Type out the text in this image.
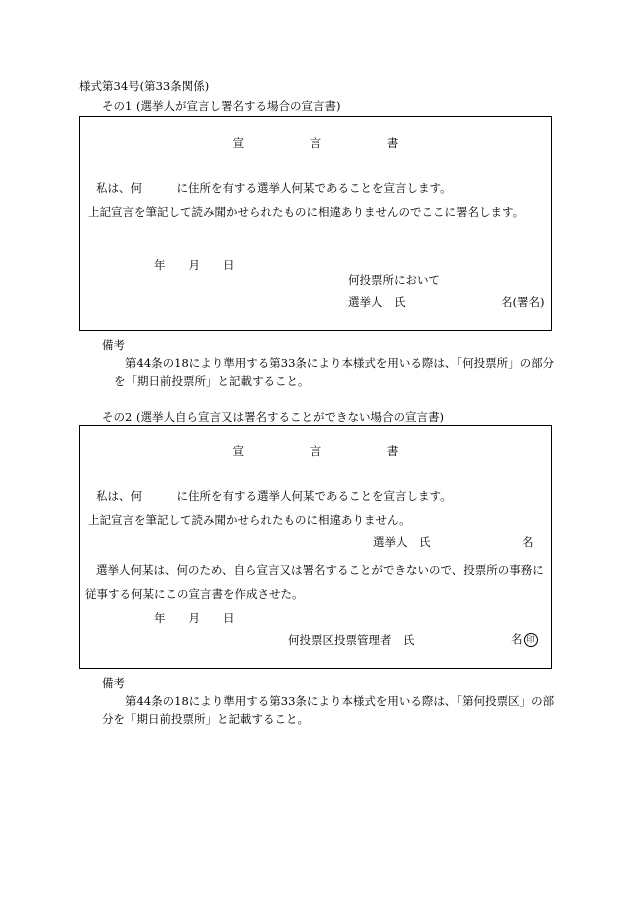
様式第34号(第33条関係)
その1 (選挙人が宣言し署名する場合の宣言書)
宣	言	書
私は、何　　　に住所を有する選挙人何某であることを宣言します。
上記宣言を筆記して読み聞かせられたものに相違ありませんのでここに署名します。
年　　月　　日
何投票所において
選挙人　氏	名(署名)
備考
第44条の18により準用する第33条により本様式を用いる際は、「何投票所」の部分
を「期日前投票所」と記載すること。
その2 (選挙人自ら宣言又は署名することができない場合の宣言書)
宣	言	書
私は、何　　　に住所を有する選挙人何某であることを宣言します。
上記宣言を筆記して読み聞かせられたものに相違ありません。
選挙人　氏	名
選挙人何某は、何のため、自ら宣言又は署名することができないので、投票所の事務に
従事する何某にこの宣言書を作成させた。
年　　月　　日
何投票区投票管理者　氏	名 印
備考
第44条の18により準用する第33条により本様式を用いる際は、「第何投票区」の部
分を「期日前投票所」と記載すること。
